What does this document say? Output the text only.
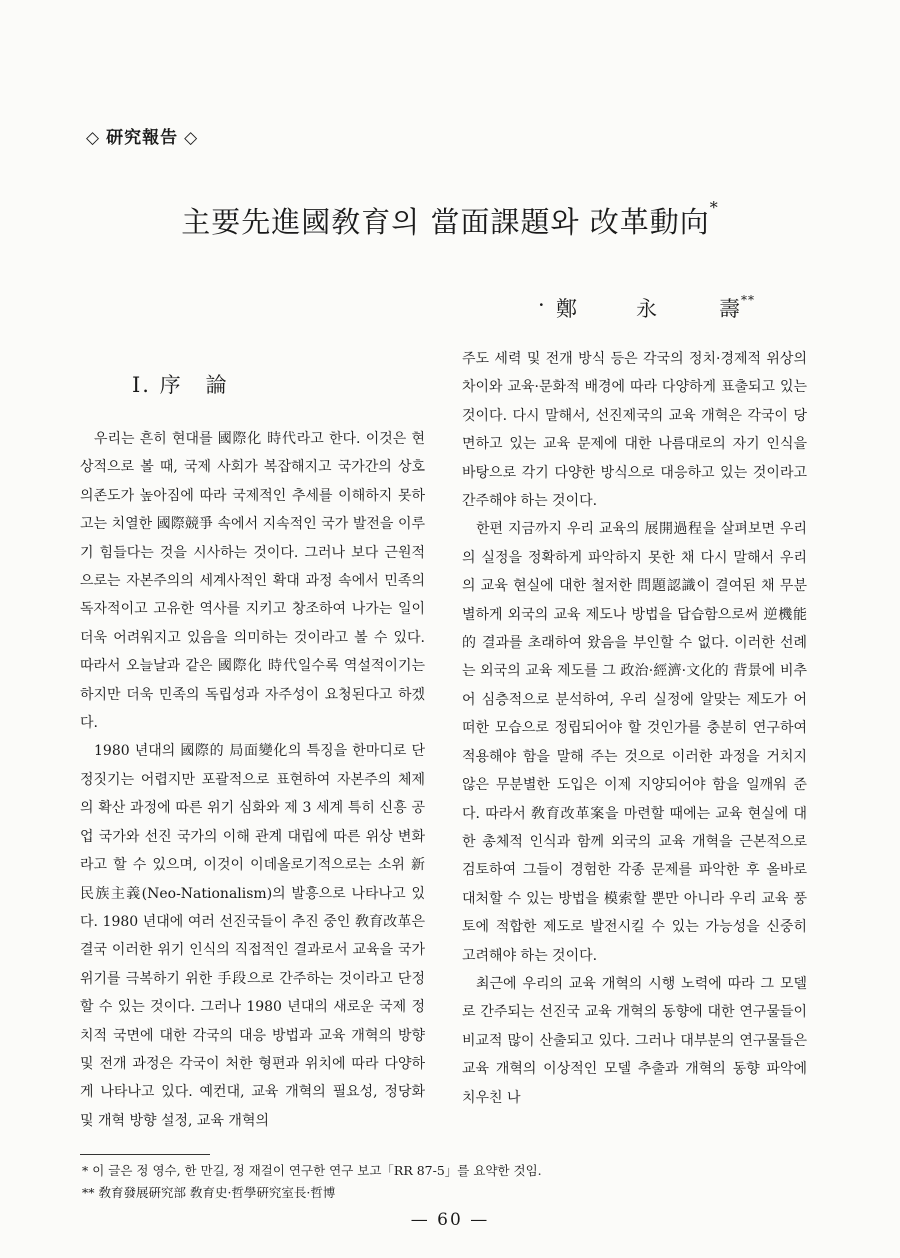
◇ 研究報告 ◇
主要先進國敎育의 當面課題와 改革動向*
· 鄭	永	壽**
Ⅰ. 序　論

우리는 흔히 현대를 國際化 時代라고 한다. 이것은 현상적으로 볼 때, 국제 사회가 복잡해지고 국가간의 상호 의존도가 높아짐에 따라 국제적인 추세를 이해하지 못하고는 치열한 國際競爭 속에서 지속적인 국가 발전을 이루기 힘들다는 것을 시사하는 것이다. 그러나 보다 근원적으로는 자본주의의 세계사적인 확대 과정 속에서 민족의 독자적이고 고유한 역사를 지키고 창조하여 나가는 일이 더욱 어려워지고 있음을 의미하는 것이라고 볼 수 있다. 따라서 오늘날과 같은 國際化 時代일수록 역설적이기는 하지만 더욱 민족의 독립성과 자주성이 요청된다고 하겠다.

1980 년대의 國際的 局面變化의 특징을 한마디로 단정짓기는 어렵지만 포괄적으로 표현하여 자본주의 체제의 확산 과정에 따른 위기 심화와 제 3 세계 특히 신흥 공업 국가와 선진 국가의 이해 관계 대립에 따른 위상 변화라고 할 수 있으며, 이것이 이데올로기적으로는 소위 新民族主義(Neo-Nationalism)의 발흥으로 나타나고 있다. 1980 년대에 여러 선진국들이 추진 중인 敎育改革은 결국 이러한 위기 인식의 직접적인 결과로서 교육을 국가 위기를 극복하기 위한 手段으로 간주하는 것이라고 단정할 수 있는 것이다. 그러나 1980 년대의 새로운 국제 정치적 국면에 대한 각국의 대응 방법과 교육 개혁의 방향 및 전개 과정은 각국이 처한 형편과 위치에 따라 다양하게 나타나고 있다. 예컨대, 교육 개혁의 필요성, 정당화 및 개혁 방향 설정, 교육 개혁의

주도 세력 및 전개 방식 등은 각국의 정치·경제적 위상의 차이와 교육·문화적 배경에 따라 다양하게 표출되고 있는 것이다. 다시 말해서, 선진제국의 교육 개혁은 각국이 당면하고 있는 교육 문제에 대한 나름대로의 자기 인식을 바탕으로 각기 다양한 방식으로 대응하고 있는 것이라고 간주해야 하는 것이다.

한편 지금까지 우리 교육의 展開過程을 살펴보면 우리의 실정을 정확하게 파악하지 못한 채 다시 말해서 우리의 교육 현실에 대한 철저한 問題認識이 결여된 채 무분별하게 외국의 교육 제도나 방법을 답습함으로써 逆機能的 결과를 초래하여 왔음을 부인할 수 없다. 이러한 선례는 외국의 교육 제도를 그 政治·經濟·文化的 背景에 비추어 심층적으로 분석하여, 우리 실정에 알맞는 제도가 어떠한 모습으로 정립되어야 할 것인가를 충분히 연구하여 적용해야 함을 말해 주는 것으로 이러한 과정을 거치지 않은 무분별한 도입은 이제 지양되어야 함을 일깨워 준다. 따라서 敎育改革案을 마련할 때에는 교육 현실에 대한 총체적 인식과 함께 외국의 교육 개혁을 근본적으로 검토하여 그들이 경험한 각종 문제를 파악한 후 올바로 대처할 수 있는 방법을 模索할 뿐만 아니라 우리 교육 풍토에 적합한 제도로 발전시킬 수 있는 가능성을 신중히 고려해야 하는 것이다.

최근에 우리의 교육 개혁의 시행 노력에 따라 그 모델로 간주되는 선진국 교육 개혁의 동향에 대한 연구물들이 비교적 많이 산출되고 있다. 그러나 대부분의 연구물들은 교육 개혁의 이상적인 모델 추출과 개혁의 동향 파악에 치우친 나

* 이 글은 정 영수, 한 만길, 정 재걸이 연구한 연구 보고「RR 87-5」를 요약한 것임.
** 敎育發展硏究部 敎育史·哲學硏究室長·哲博
— 60 —
